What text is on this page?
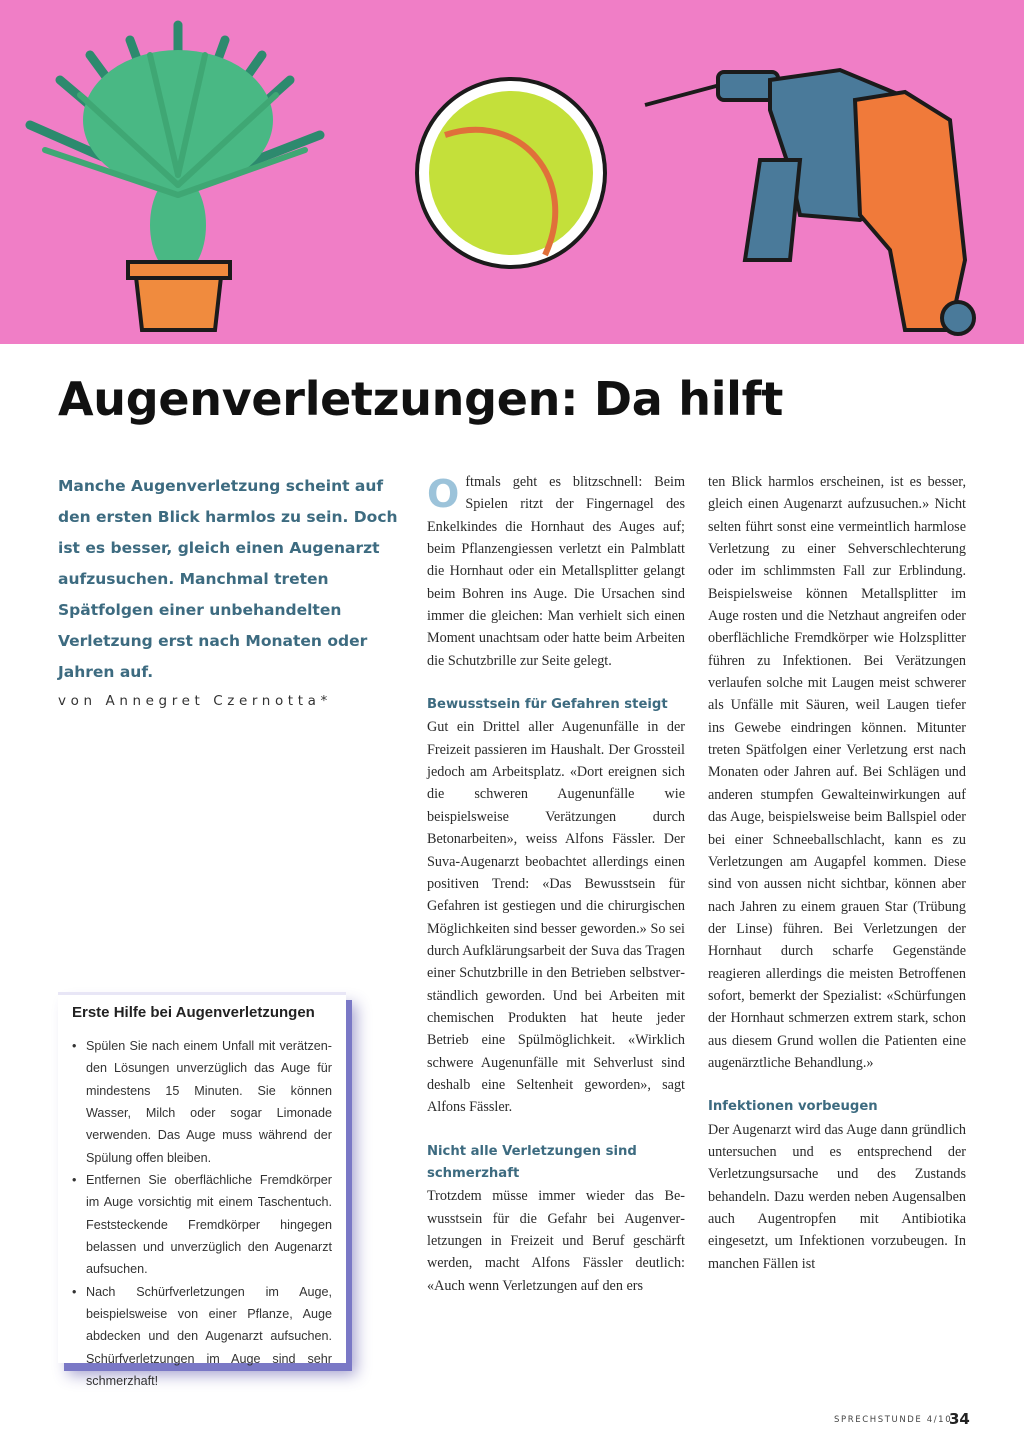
Augenverletzungen: Da hilft

Manche Augenverletzung scheint auf den ersten Blick harmlos zu sein. Doch ist es besser, gleich einen Augenarzt aufzusuchen. Manchmal treten Spätfolgen einer unbehandelten Verletzung erst nach Monaten oder Jahren auf.

von Annegret Czernotta*

Erste Hilfe bei Augenverletzungen
• Spülen Sie nach einem Unfall mit verätzenden Lösungen unverzüglich das Auge für mindestens 15 Minuten. Sie können Wasser, Milch oder sogar Limonade verwenden. Das Auge muss während der Spülung offen bleiben.
• Entfernen Sie oberflächliche Fremdkörper im Auge vorsichtig mit einem Taschentuch. Feststeckende Fremdkörper hingegen belassen und unverzüglich den Augenarzt aufsuchen.
• Nach Schürfverletzungen im Auge, beispielsweise von einer Pflanze, Auge abdecken und den Augenarzt aufsuchen. Schürfverletzungen im Auge sind sehr schmerzhaft!
O ftmals geht es blitzschnell: Beim Spielen ritzt der Fingernagel des Enkelkindes die Hornhaut des Auges auf; beim Pflanzengiessen verletzt ein Palmblatt die Hornhaut oder ein Metallsplitter gelangt beim Bohren ins Auge. Die Ursachen sind immer die gleichen: Man verhielt sich einen Moment unachtsam oder hatte beim Arbeiten die Schutzbrille zur Seite gelegt.

Bewusstsein für Gefahren steigt

Gut ein Drittel aller Augenunfälle in der Freizeit passieren im Haushalt. Der Grossteil jedoch am Arbeitsplatz. «Dort ereignen sich die schweren Augenunfälle wie beispielsweise Verätzungen durch Betonarbeiten», weiss Alfons Fässler. Der Suva-Augenarzt beobachtet allerdings einen positiven Trend: «Das Bewusstsein für Gefahren ist gestiegen und die chirurgischen Möglichkeiten sind besser geworden.» So sei durch Aufklärungsarbeit der Suva das Tragen einer Schutzbrille in den Betrieben selbstverständlich geworden. Und bei Arbeiten mit chemischen Produkten hat heute jeder Betrieb eine Spülmöglichkeit. «Wirklich schwere Augenunfälle mit Sehverlust sind deshalb eine Seltenheit geworden», sagt Alfons Fässler.

Nicht alle Verletzungen sind schmerzhaft

Trotzdem müsse immer wieder das Bewusstsein für die Gefahr bei Augenverletzungen in Freizeit und Beruf geschärft werden, macht Alfons Fässler deutlich: «Auch wenn Verletzungen auf den ers

ten Blick harmlos erscheinen, ist es besser, gleich einen Augenarzt aufzusuchen.» Nicht selten führt sonst eine vermeintlich harmlose Verletzung zu einer Sehverschlechterung oder im schlimmsten Fall zur Erblindung. Beispielsweise können Metallsplitter im Auge rosten und die Netzhaut angreifen oder oberflächliche Fremdkörper wie Holzsplitter führen zu Infektionen. Bei Verätzungen verlaufen solche mit Laugen meist schwerer als Unfälle mit Säuren, weil Laugen tiefer ins Gewebe eindringen können. Mitunter treten Spätfolgen einer Verletzung erst nach Monaten oder Jahren auf. Bei Schlägen und anderen stumpfen Gewalteinwirkungen auf das Auge, beispielsweise beim Ballspiel oder bei einer Schneeballschlacht, kann es zu Verletzungen am Augapfel kommen. Diese sind von aussen nicht sichtbar, können aber nach Jahren zu einem grauen Star (Trübung der Linse) führen. Bei Verletzungen der Hornhaut durch scharfe Gegenstände reagieren allerdings die meisten Betroffenen sofort, bemerkt der Spezialist: «Schürfungen der Hornhaut schmerzen extrem stark, schon aus diesem Grund wollen die Patienten eine augenärztliche Behandlung.»

Infektionen vorbeugen

Der Augenarzt wird das Auge dann gründlich untersuchen und es entsprechend der Verletzungsursache und des Zustands behandeln. Dazu werden neben Augensalben auch Augentropfen mit Antibiotika eingesetzt, um Infektionen vorzubeugen. In manchen Fällen ist

SPRECHSTUNDE 4/10
34
